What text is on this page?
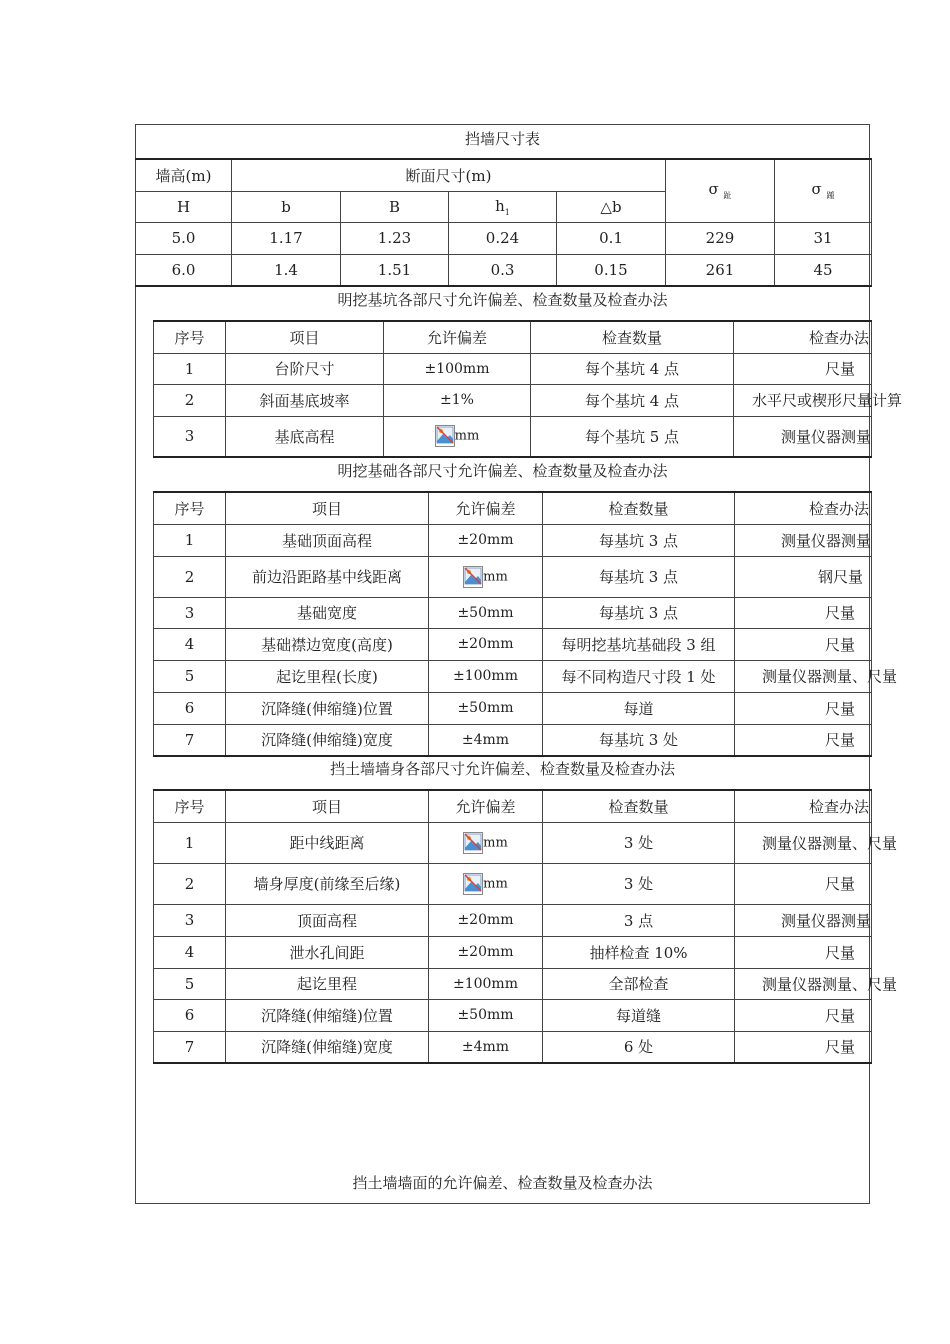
挡墙尺寸表
墙高(m)	断面尺寸(m)				σ $_趾$	σ $_踵$
H	b	B	$h_1$	△b		
5.0	1.17	1.23	0.24	0.1	229	31
6.0	1.4	1.51	0.3	0.15	261	45
明挖基坑各部尺寸允许偏差、检查数量及检查办法
序号	项目	允许偏差	检查数量	检查办法
1	台阶尺寸	±100mm	每个基坑 4 点	尺量
2	斜面基底坡率	±1%	每个基坑 4 点	水平尺或楔形尺量计算

3	基底高程	mm	每个基坑 5 点	测量仪器测量
明挖基础各部尺寸允许偏差、检查数量及检查办法
序号	项目	允许偏差	检查数量	检查办法
1	基础顶面高程	±20mm	每基坑 3 点	测量仪器测量
2	前边沿距路基中线距离	mm	每基坑 3 点	钢尺量
3	基础宽度	±50mm	每基坑 3 点	尺量
4	基础襟边宽度(高度)	±20mm	每明挖基坑基础段 3 组	尺量
5	起讫里程(长度)	±100mm	每不同构造尺寸段 1 处	测量仪器测量、尺量

6	沉降缝(伸缩缝)位置	±50mm	每道	尺量
7	沉降缝(伸缩缝)宽度	±4mm	每基坑 3 处	尺量
挡土墙墙身各部尺寸允许偏差、检查数量及检查办法
序号	项目	允许偏差	检查数量	检查办法
1	距中线距离	mm	3 处	测量仪器测量、尺量

2	墙身厚度(前缘至后缘)	mm	3 处	尺量
3	顶面高程	±20mm	3 点	测量仪器测量
4	泄水孔间距	±20mm	抽样检查 10%	尺量
5	起讫里程	±100mm	全部检查	测量仪器测量、尺量

6	沉降缝(伸缩缝)位置	±50mm	每道缝	尺量
7	沉降缝(伸缩缝)宽度	±4mm	6 处	尺量
挡土墙墙面的允许偏差、检查数量及检查办法
